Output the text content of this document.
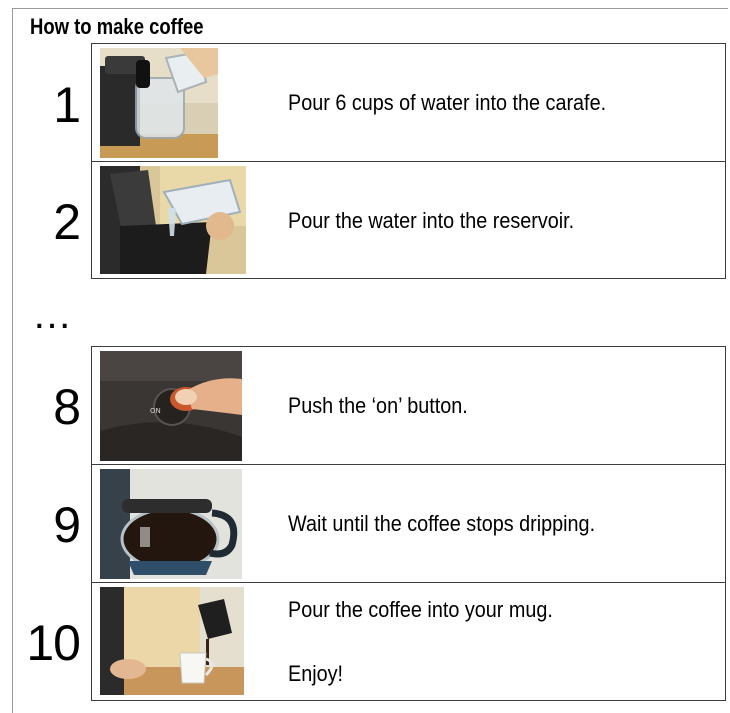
How to make coffee
1
2
8
9
10
Pour 6 cups of water into the carafe.
Pour the water into the reservoir.
…
ON	Push the ‘on’ button.
Wait until the coffee stops dripping.
Pour the coffee into your mug.
Enjoy!
